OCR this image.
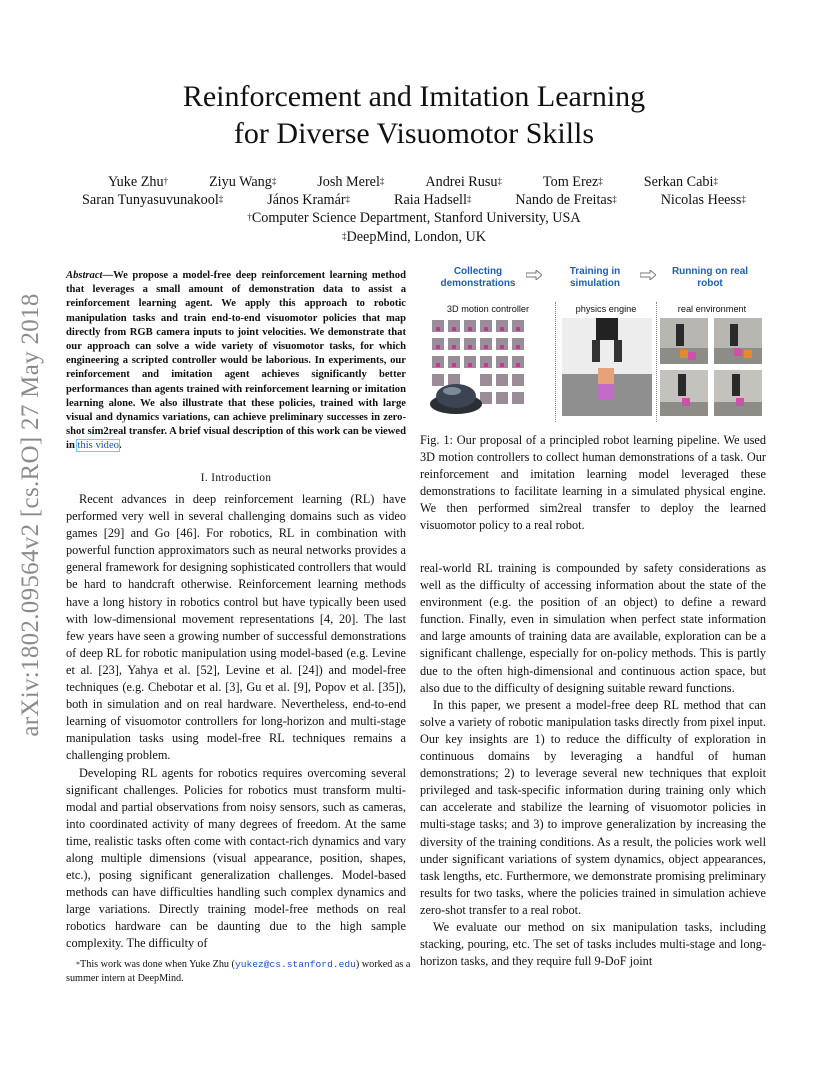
Reinforcement and Imitation Learning
for Diverse Visuomotor Skills
Yuke Zhu†	Ziyu Wang‡	Josh Merel‡	Andrei Rusu‡	Tom Erez‡	Serkan Cabi‡
Saran Tunyasuvunakool‡	János Kramár‡	Raia Hadsell‡	Nando de Freitas‡	Nicolas Heess‡
†Computer Science Department, Stanford University, USA
‡DeepMind, London, UK
arXiv:1802.09564v2 [cs.RO] 27 May 2018
Abstract—We propose a model-free deep reinforcement learning method that leverages a small amount of demonstration data to assist a reinforcement learning agent. We apply this approach to robotic manipulation tasks and train end-to-end visuomotor policies that map directly from RGB camera inputs to joint velocities. We demonstrate that our approach can solve a wide variety of visuomotor tasks, for which engineering a scripted controller would be laborious. In experiments, our reinforcement and imitation agent achieves significantly better performances than agents trained with reinforcement learning or imitation learning alone. We also illustrate that these policies, trained with large visual and dynamics variations, can achieve preliminary successes in zero-shot sim2real transfer. A brief visual description of this work can be viewed in this video.
I. Introduction

Recent advances in deep reinforcement learning (RL) have performed very well in several challenging domains such as video games [29] and Go [46]. For robotics, RL in combination with powerful function approximators such as neural networks provides a general framework for designing sophisticated controllers that would be hard to handcraft otherwise. Reinforcement learning methods have a long history in robotics control but have typically been used with low-dimensional movement representations [4, 20]. The last few years have seen a growing number of successful demonstrations of deep RL for robotic manipulation using model-based (e.g. Levine et al. [23], Yahya et al. [52], Levine et al. [24]) and model-free techniques (e.g. Chebotar et al. [3], Gu et al. [9], Popov et al. [35]), both in simulation and on real hardware. Nevertheless, end-to-end learning of visuomotor controllers for long-horizon and multi-stage manipulation tasks using model-free RL techniques remains a challenging problem.

Developing RL agents for robotics requires overcoming several significant challenges. Policies for robotics must transform multi-modal and partial observations from noisy sensors, such as cameras, into coordinated activity of many degrees of freedom. At the same time, realistic tasks often come with contact-rich dynamics and vary along multiple dimensions (visual appearance, position, shapes, etc.), posing significant generalization challenges. Model-based methods can have difficulties handling such complex dynamics and large variations. Directly training model-free methods on real robotics hardware can be daunting due to the high sample complexity. The difficulty of

*This work was done when Yuke Zhu (yukez@cs.stanford.edu) worked as a summer intern at DeepMind.
Collecting demonstrations
Training in simulation
Running on real robot
3D motion controller	physics engine	real environment
Fig. 1: Our proposal of a principled robot learning pipeline. We used 3D motion controllers to collect human demonstrations of a task. Our reinforcement and imitation learning model leveraged these demonstrations to facilitate learning in a simulated physical engine. We then performed sim2real transfer to deploy the learned visuomotor policy to a real robot.

real-world RL training is compounded by safety considerations as well as the difficulty of accessing information about the state of the environment (e.g. the position of an object) to define a reward function. Finally, even in simulation when perfect state information and large amounts of training data are available, exploration can be a significant challenge, especially for on-policy methods. This is partly due to the often high-dimensional and continuous action space, but also due to the difficulty of designing suitable reward functions.

In this paper, we present a model-free deep RL method that can solve a variety of robotic manipulation tasks directly from pixel input. Our key insights are 1) to reduce the difficulty of exploration in continuous domains by leveraging a handful of human demonstrations; 2) to leverage several new techniques that exploit privileged and task-specific information during training only which can accelerate and stabilize the learning of visuomotor policies in multi-stage tasks; and 3) to improve generalization by increasing the diversity of the training conditions. As a result, the policies work well under significant variations of system dynamics, object appearances, task lengths, etc. Furthermore, we demonstrate promising preliminary results for two tasks, where the policies trained in simulation achieve zero-shot transfer to a real robot.

We evaluate our method on six manipulation tasks, including stacking, pouring, etc. The set of tasks includes multi-stage and long-horizon tasks, and they require full 9-DoF joint
